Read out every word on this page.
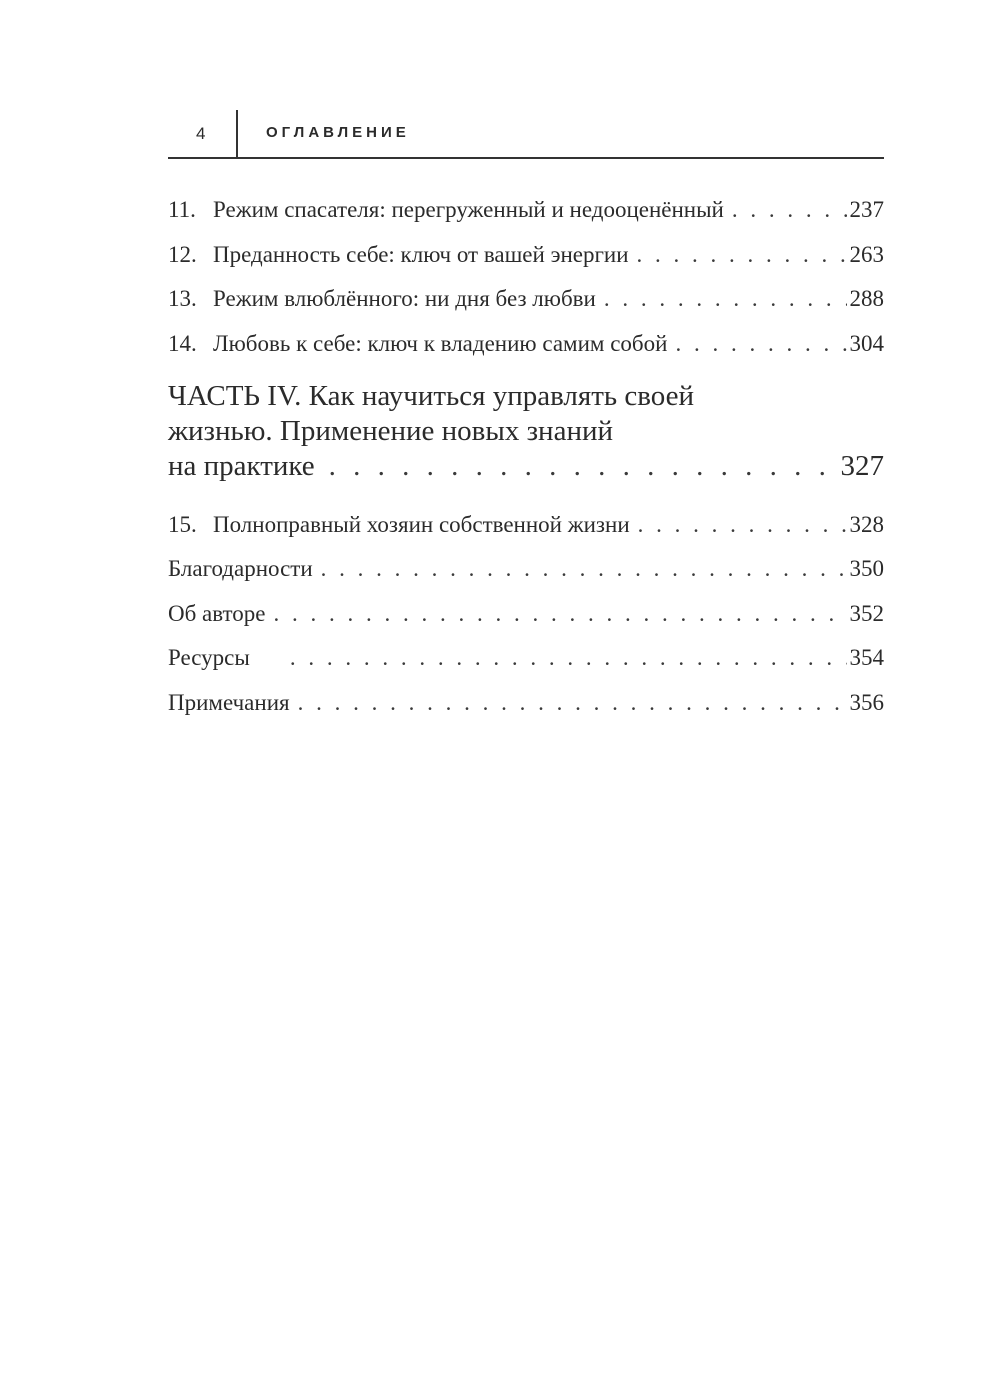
4	ОГЛАВЛЕНИЕ
11. Режим спасателя: перегруженный и недооценённый . . .	237
12. Преданность себе: ключ от вашей энергии . . .	263
13. Режим влюблённого: ни дня без любви . . .	288
14. Любовь к себе: ключ к владению самим собой . . .	304
ЧАСТЬ IV. Как научиться управлять своей
жизнью. Применение новых знаний
на практике . . .	327
15. Полноправный хозяин собственной жизни . . .	328
Благодарности . . .	350
Об авторе . . .	352
Ресурсы . . .	354
Примечания . . .	356
